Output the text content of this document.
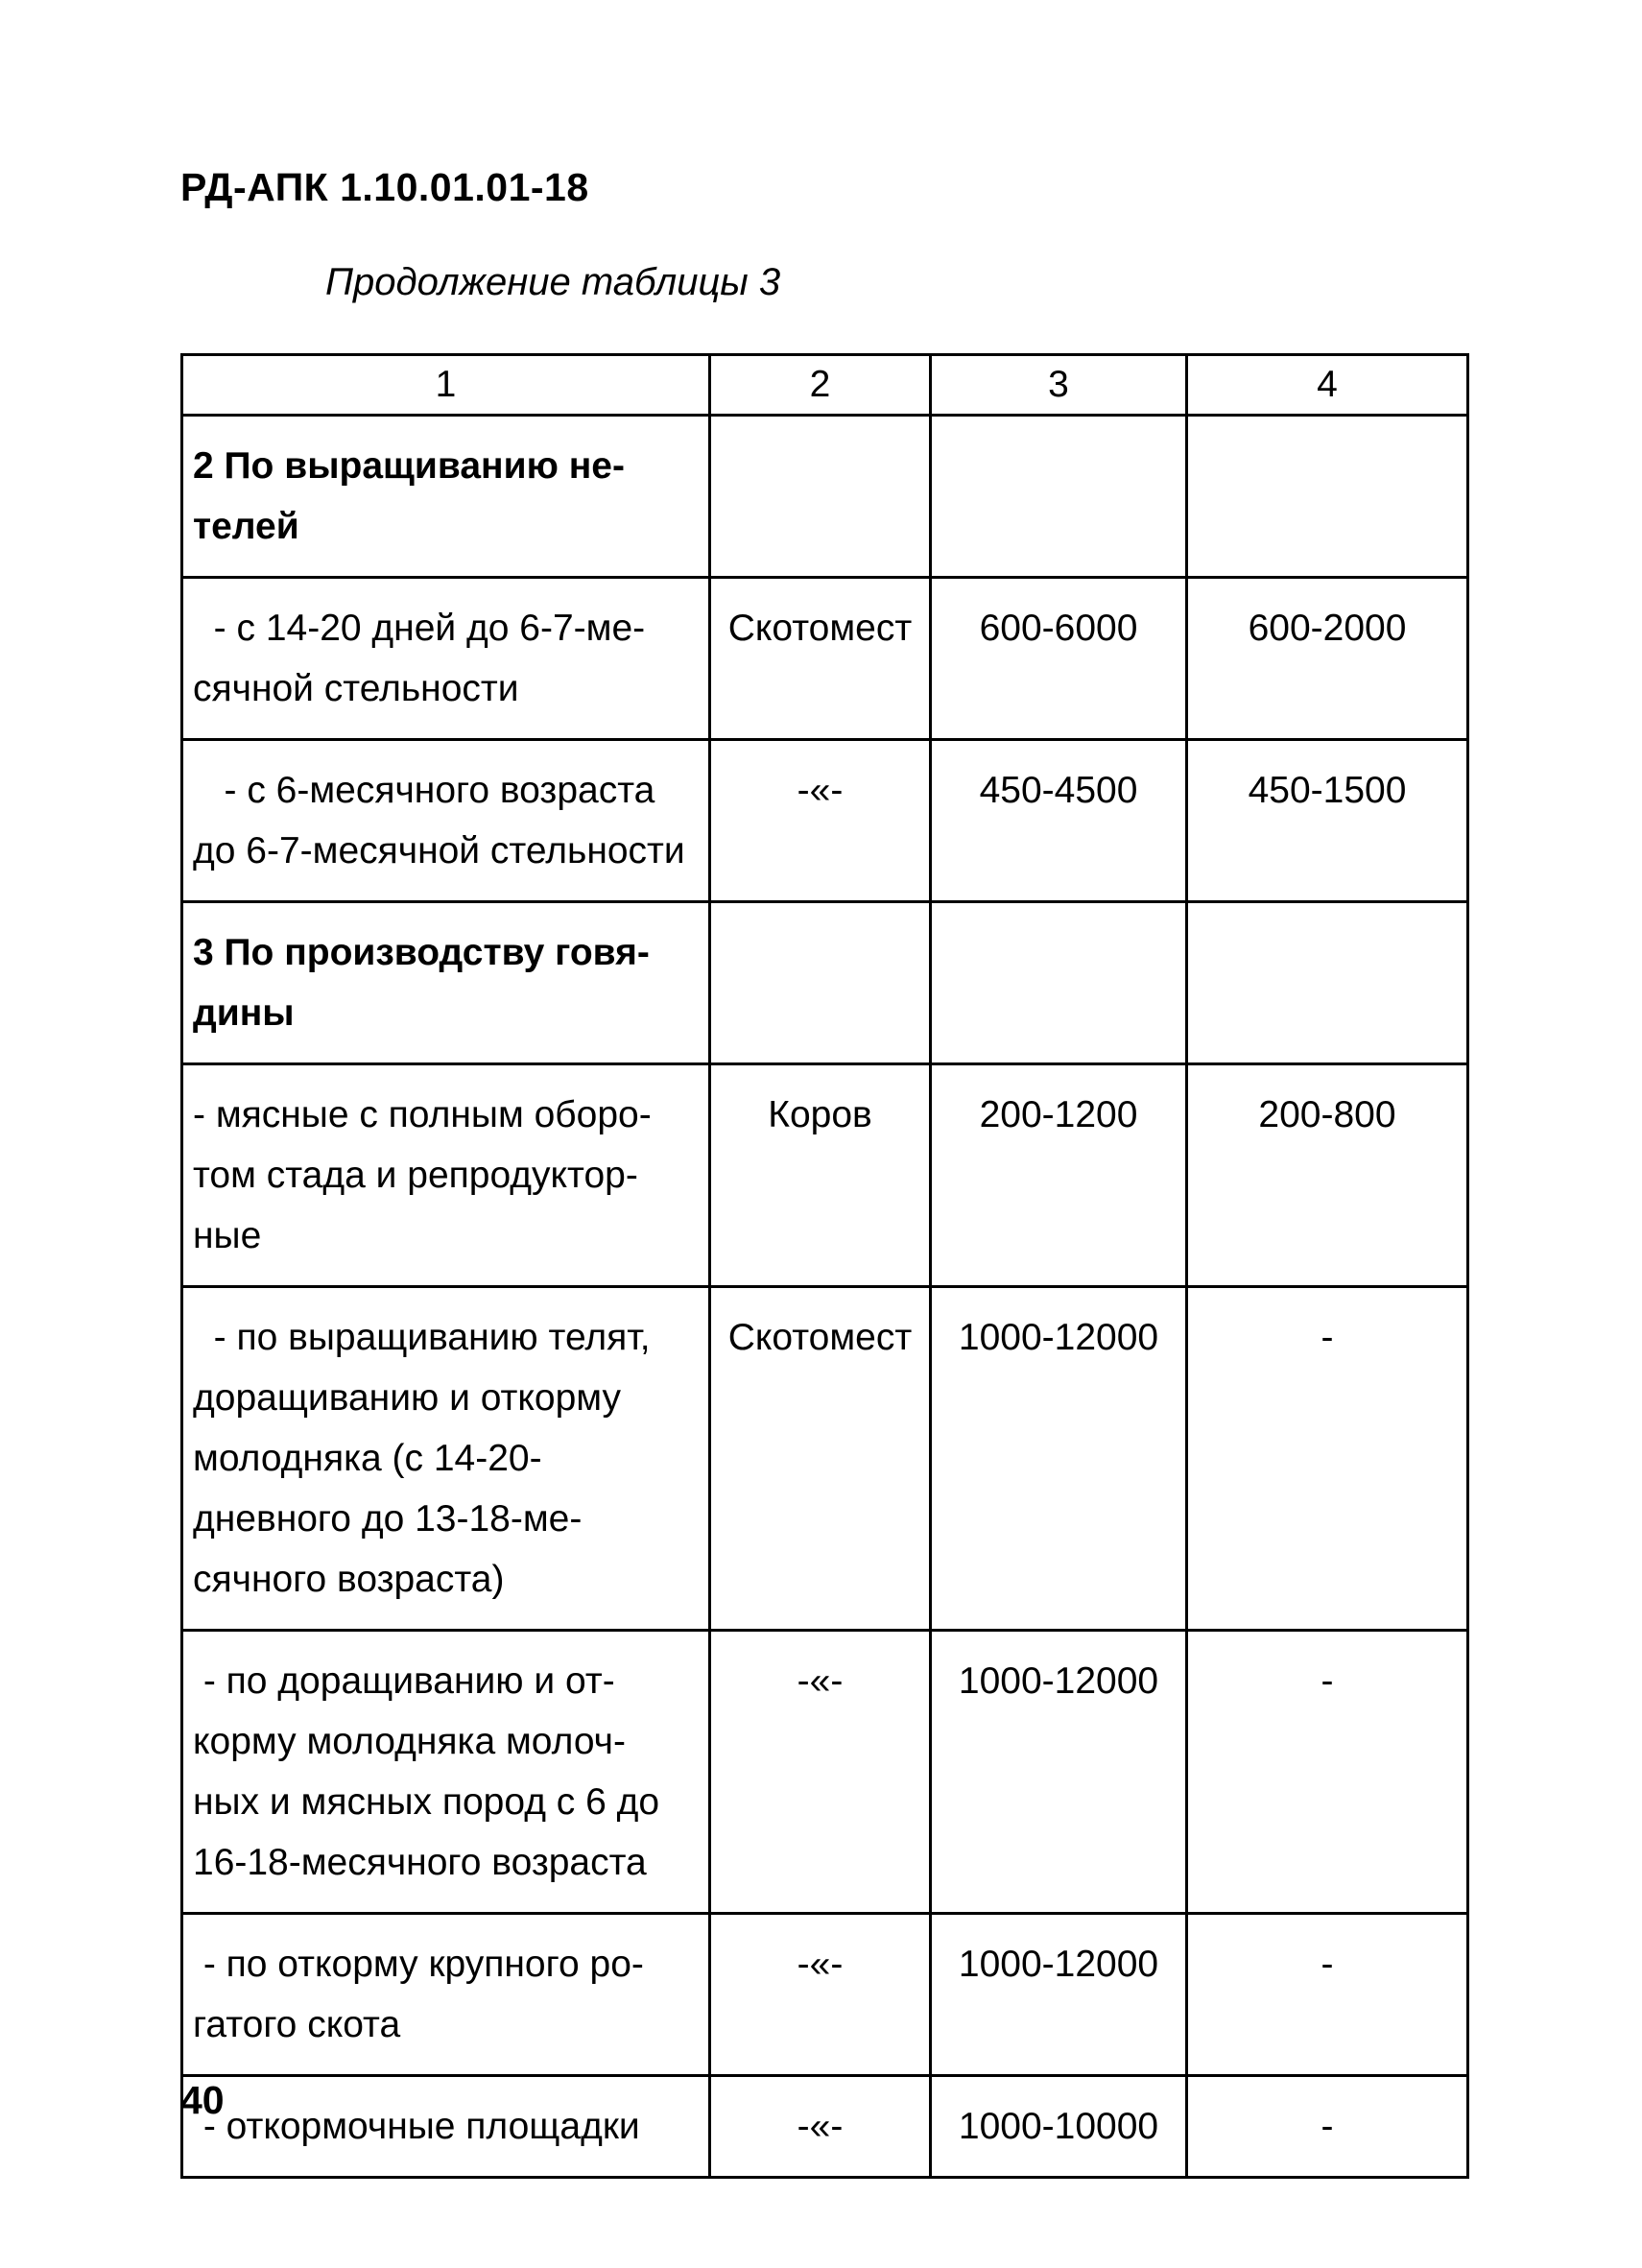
РД-АПК 1.10.01.01-18
Продолжение таблицы 3
1	2	3	4
2 По выращиванию не-
телей			
- с 14-20 дней до 6-7-ме-
сячной стельности	Скотомест	600-6000	600-2000
- с 6-месячного возраста
до 6-7-месячной стельности	-«-	450-4500	450-1500
3 По производству говя-
дины			
- мясные с полным оборо-
том стада и репродуктор-
ные	Коров	200-1200	200-800
- по выращиванию телят,
доращиванию и откорму
молодняка (с 14-20-
дневного до 13-18-ме-
сячного возраста)	Скотомест	1000-12000	-
- по доращиванию и от-
корму молодняка молоч-
ных и мясных пород с 6 до
16-18-месячного возраста	-«-	1000-12000	-
- по откорму крупного ро-
гатого скота	-«-	1000-12000	-
- откормочные площадки	-«-	1000-10000	-
40
